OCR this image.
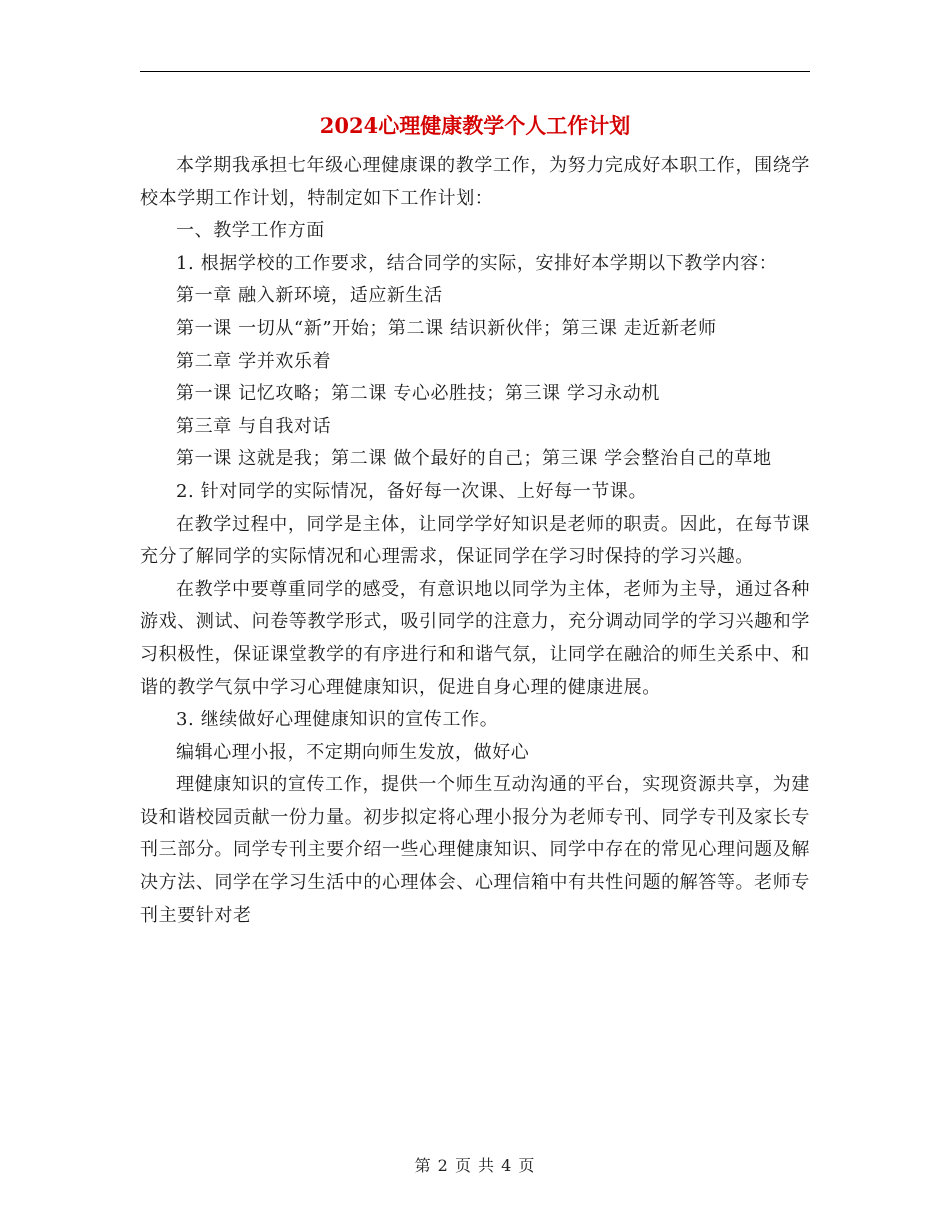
2024心理健康教学个人工作计划

本学期我承担七年级心理健康课的教学工作，为努力完成好本职工作，围绕学校本学期工作计划，特制定如下工作计划：

一、教学工作方面

1. 根据学校的工作要求，结合同学的实际，安排好本学期以下教学内容：

第一章 融入新环境，适应新生活

第一课 一切从“新”开始；第二课 结识新伙伴；第三课 走近新老师

第二章 学并欢乐着

第一课 记忆攻略；第二课 专心必胜技；第三课 学习永动机

第三章 与自我对话

第一课 这就是我；第二课 做个最好的自己；第三课 学会整治自己的草地

2. 针对同学的实际情况，备好每一次课、上好每一节课。

在教学过程中，同学是主体，让同学学好知识是老师的职责。因此，在每节课充分了解同学的实际情况和心理需求，保证同学在学习时保持的学习兴趣。

在教学中要尊重同学的感受，有意识地以同学为主体，老师为主导，通过各种游戏、测试、问卷等教学形式，吸引同学的注意力，充分调动同学的学习兴趣和学习积极性，保证课堂教学的有序进行和和谐气氛，让同学在融洽的师生关系中、和谐的教学气氛中学习心理健康知识，促进自身心理的健康进展。

3. 继续做好心理健康知识的宣传工作。

编辑心理小报，不定期向师生发放，做好心

理健康知识的宣传工作，提供一个师生互动沟通的平台，实现资源共享，为建设和谐校园贡献一份力量。初步拟定将心理小报分为老师专刊、同学专刊及家长专刊三部分。同学专刊主要介绍一些心理健康知识、同学中存在的常见心理问题及解决方法、同学在学习生活中的心理体会、心理信箱中有共性问题的解答等。老师专刊主要针对老

第 2 页 共 4 页
